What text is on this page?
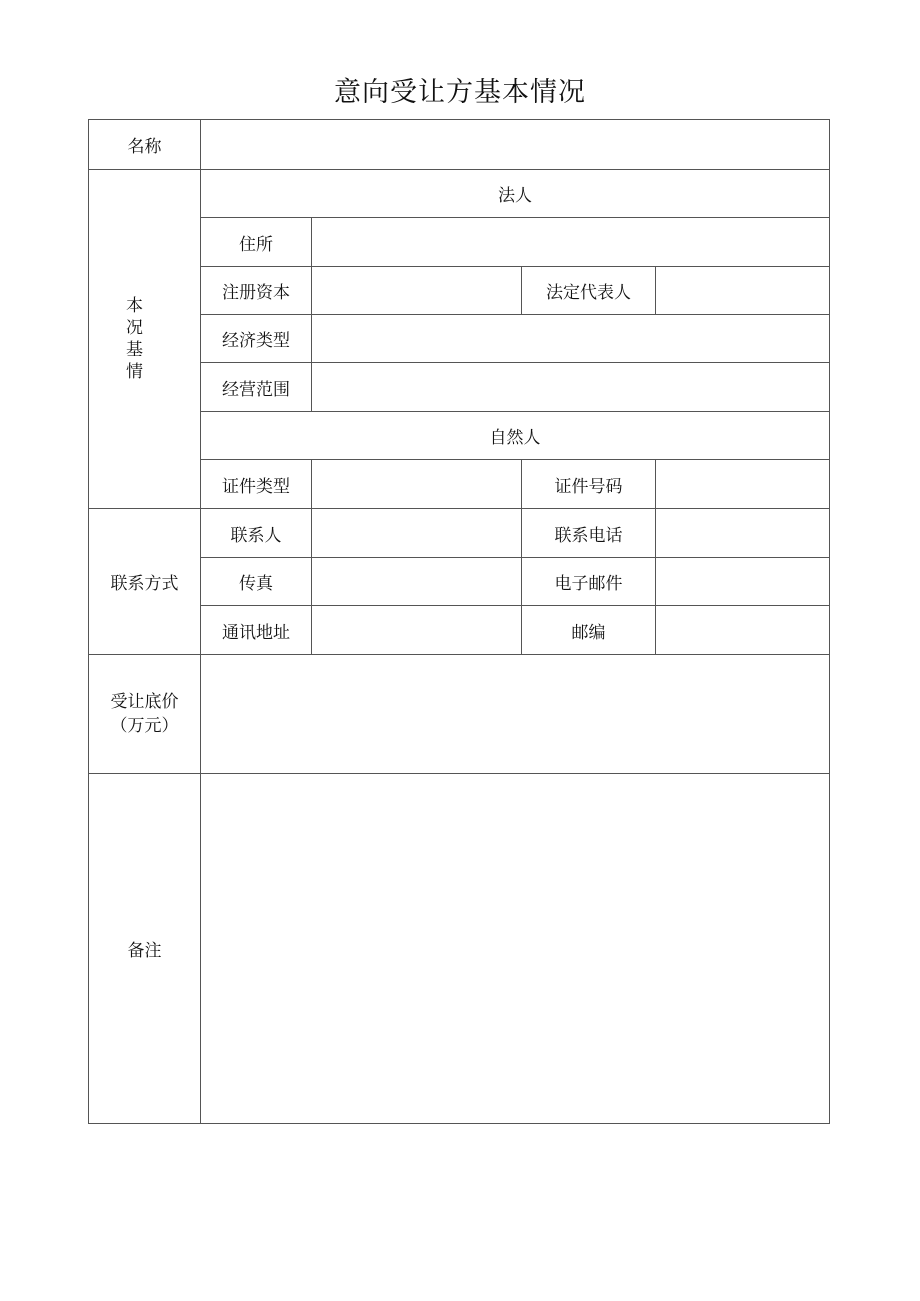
意向受让方基本情况
名称				
本况基情	法人			
	住所			
	注册资本		法定代表人	
	经济类型			
	经营范围			
	自然人			
	证件类型		证件号码	
联系方式	联系人		联系电话	
	传真		电子邮件	
	通讯地址		邮编	

受让底价
（万元）				

备注				
